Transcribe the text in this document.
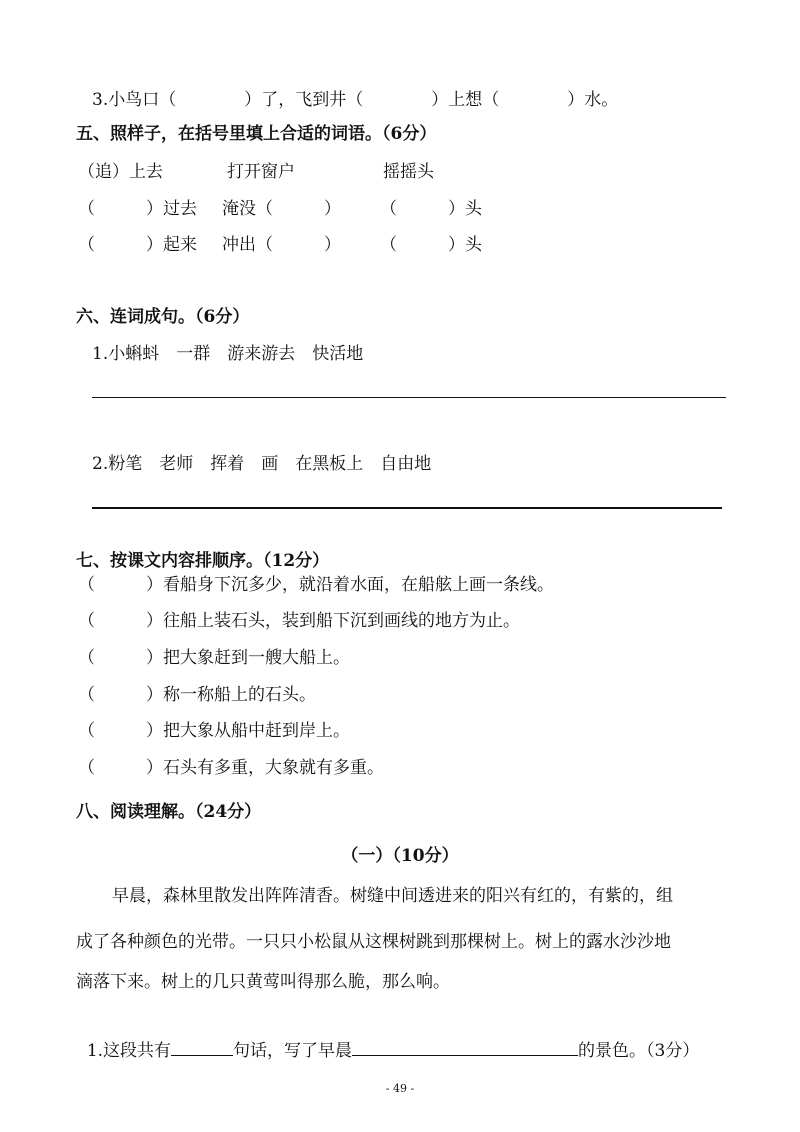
3.小鸟口（　　　　）了，飞到井（　　　　）上想（　　　　）水。
五、照样子，在括号里填上合适的词语。（6分）
（追）上去	打开窗户	摇摇头
（　　　）过去 淹没（　　　） （　　　）头
（　　　）起来 冲出（　　　） （　　　）头
六、连词成句。（6分）
1.小蝌蚪　一群　游来游去　快活地
2.粉笔　老师　挥着　画　在黑板上　自由地
七、按课文内容排顺序。（12分）
（　　　）看船身下沉多少，就沿着水面，在船舷上画一条线。
（　　　）往船上装石头，装到船下沉到画线的地方为止。
（　　　）把大象赶到一艘大船上。
（　　　）称一称船上的石头。
（　　　）把大象从船中赶到岸上。
（　　　）石头有多重，大象就有多重。
八、阅读理解。（24分）
（一）（10分）
早晨，森林里散发出阵阵清香。树缝中间透进来的阳兴有红的，有紫的，组
成了各种颜色的光带。一只只小松鼠从这棵树跳到那棵树上。树上的露水沙沙地
滴落下来。树上的几只黄莺叫得那么脆，那么响。

1.这段共有	句话，写了早晨	的景色。（3分）

- 49 -
